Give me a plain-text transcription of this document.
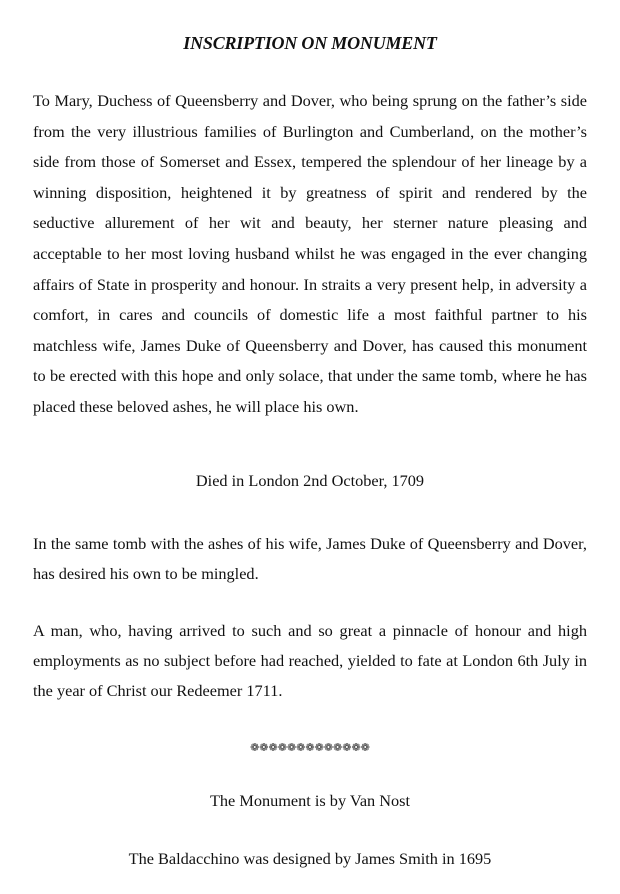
INSCRIPTION ON MONUMENT

To Mary, Duchess of Queensberry and Dover, who being sprung on the father’s side from the very illustrious families of Burlington and Cumberland, on the mother’s side from those of Somerset and Essex, tempered the splendour of her lineage by a winning disposition, heightened it by greatness of spirit and rendered by the seductive allurement of her wit and beauty, her sterner nature pleasing and acceptable to her most loving husband whilst he was engaged in the ever changing affairs of State in prosperity and honour. In straits a very present help, in adversity a comfort, in cares and councils of domestic life a most faithful partner to his matchless wife, James Duke of Queensberry and Dover, has caused this monument to be erected with this hope and only solace, that under the same tomb, where he has placed these beloved ashes, he will place his own.

Died in London 2nd October, 1709

In the same tomb with the ashes of his wife, James Duke of Queensberry and Dover, has desired his own to be mingled.

A man, who, having arrived to such and so great a pinnacle of honour and high employments as no subject before had reached, yielded to fate at London 6th July in the year of Christ our Redeemer 1711.

❁❁❁❁❁❁❁❁❁❁❁❁❁

The Monument is by Van Nost

The Baldacchino was designed by James Smith in 1695
